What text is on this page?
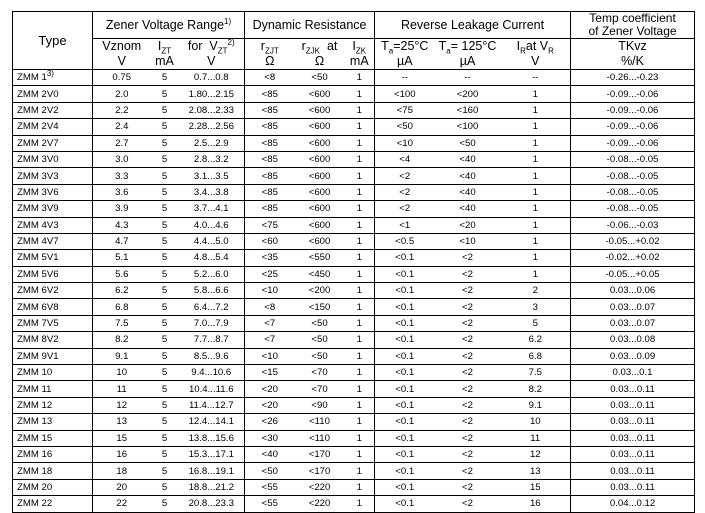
Type	Zener Voltage Range$^{1)}$			Dynamic Resistance			Reverse Leakage Current			Temp coefficient
of Zener Voltage
	Vznom	$I_{ZT}$	for $V_{ZT}^{2)}$	$r_{ZJT}$	$r_{ZJK}$ at	$I_{ZK}$	$T_a=25^\circ C$	$T_a= 125^\circ C$	$I_Rat$ $V_R$	TKvz
	V	mA	V	Ω	Ω	mA	µA	µA	V	%/K
ZMM 1$^{3)}$	0.75	5	0.7...0.8	<8	<50	1	--	--	--	-0.26...-0.23
ZMM 2V0	2.0	5	1.80...2.15	<85	<600	1	<100	<200	1	-0.09...-0.06
ZMM 2V2	2.2	5	2.08...2.33	<85	<600	1	<75	<160	1	-0.09...-0.06
ZMM 2V4	2.4	5	2.28...2.56	<85	<600	1	<50	<100	1	-0.09...-0.06
ZMM 2V7	2.7	5	2.5...2.9	<85	<600	1	<10	<50	1	-0.09...-0.06
ZMM 3V0	3.0	5	2.8...3.2	<85	<600	1	<4	<40	1	-0.08...-0.05
ZMM 3V3	3.3	5	3.1...3.5	<85	<600	1	<2	<40	1	-0.08...-0.05
ZMM 3V6	3.6	5	3.4...3.8	<85	<600	1	<2	<40	1	-0.08...-0.05
ZMM 3V9	3.9	5	3.7...4.1	<85	<600	1	<2	<40	1	-0.08...-0.05
ZMM 4V3	4.3	5	4.0...4.6	<75	<600	1	<1	<20	1	-0.06...-0.03
ZMM 4V7	4.7	5	4.4...5.0	<60	<600	1	<0.5	<10	1	-0.05...+0.02
ZMM 5V1	5.1	5	4.8...5.4	<35	<550	1	<0.1	<2	1	-0.02...+0.02
ZMM 5V6	5.6	5	5.2...6.0	<25	<450	1	<0.1	<2	1	-0.05...+0.05
ZMM 6V2	6.2	5	5.8...6.6	<10	<200	1	<0.1	<2	2	0.03...0.06
ZMM 6V8	6.8	5	6.4...7.2	<8	<150	1	<0.1	<2	3	0.03...0.07
ZMM 7V5	7.5	5	7.0...7.9	<7	<50	1	<0.1	<2	5	0.03...0.07
ZMM 8V2	8.2	5	7.7...8.7	<7	<50	1	<0.1	<2	6.2	0.03...0.08
ZMM 9V1	9.1	5	8.5...9.6	<10	<50	1	<0.1	<2	6.8	0.03...0.09
ZMM 10	10	5	9.4...10.6	<15	<70	1	<0.1	<2	7.5	0.03...0.1
ZMM 11	11	5	10.4...11.6	<20	<70	1	<0.1	<2	8.2	0.03...0.11
ZMM 12	12	5	11.4...12.7	<20	<90	1	<0.1	<2	9.1	0.03...0.11
ZMM 13	13	5	12.4...14.1	<26	<110	1	<0.1	<2	10	0.03...0.11
ZMM 15	15	5	13.8...15.6	<30	<110	1	<0.1	<2	11	0.03...0.11
ZMM 16	16	5	15.3...17.1	<40	<170	1	<0.1	<2	12	0.03...0.11
ZMM 18	18	5	16.8...19.1	<50	<170	1	<0.1	<2	13	0.03...0.11
ZMM 20	20	5	18.8...21.2	<55	<220	1	<0.1	<2	15	0.03...0.11
ZMM 22	22	5	20.8...23.3	<55	<220	1	<0.1	<2	16	0.04...0.12
